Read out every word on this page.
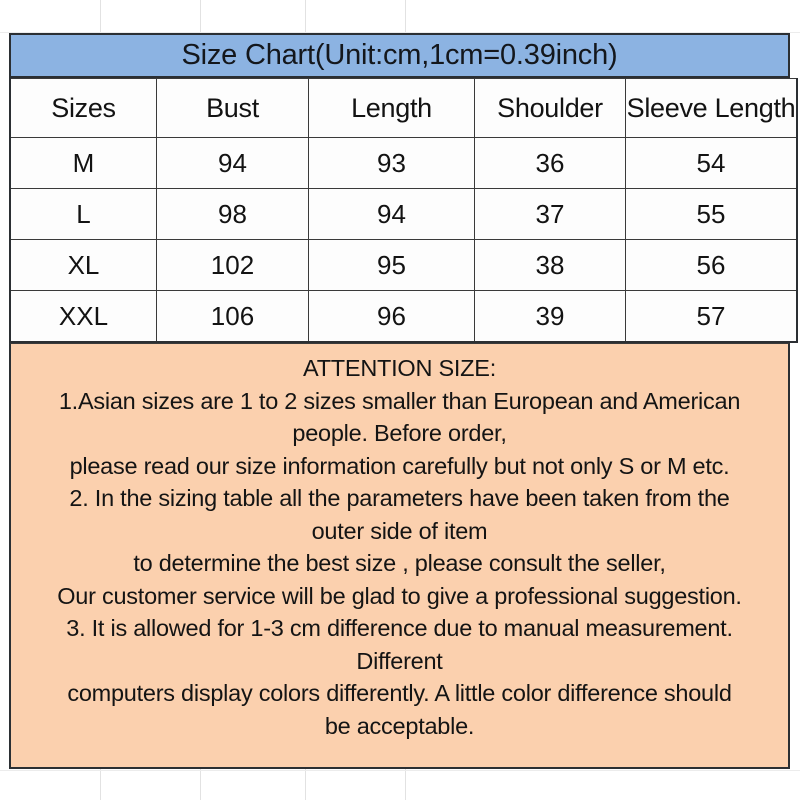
Size Chart(Unit:cm,1cm=0.39inch)
Sizes	Bust	Length	Shoulder	Sleeve Length
M	94	93	36	54
L	98	94	37	55
XL	102	95	38	56
XXL	106	96	39	57
ATTENTION SIZE:
1.Asian sizes are 1 to 2 sizes smaller than European and American
people. Before order,
please read our size information carefully but not only S or M etc.
2. In the sizing table all the parameters have been taken from the
outer side of item
to determine the best size , please consult the seller,
Our customer service will be glad to give a professional suggestion.
3. It is allowed for 1-3 cm difference due to manual measurement.
Different
computers display colors differently. A little color difference should
be acceptable.
